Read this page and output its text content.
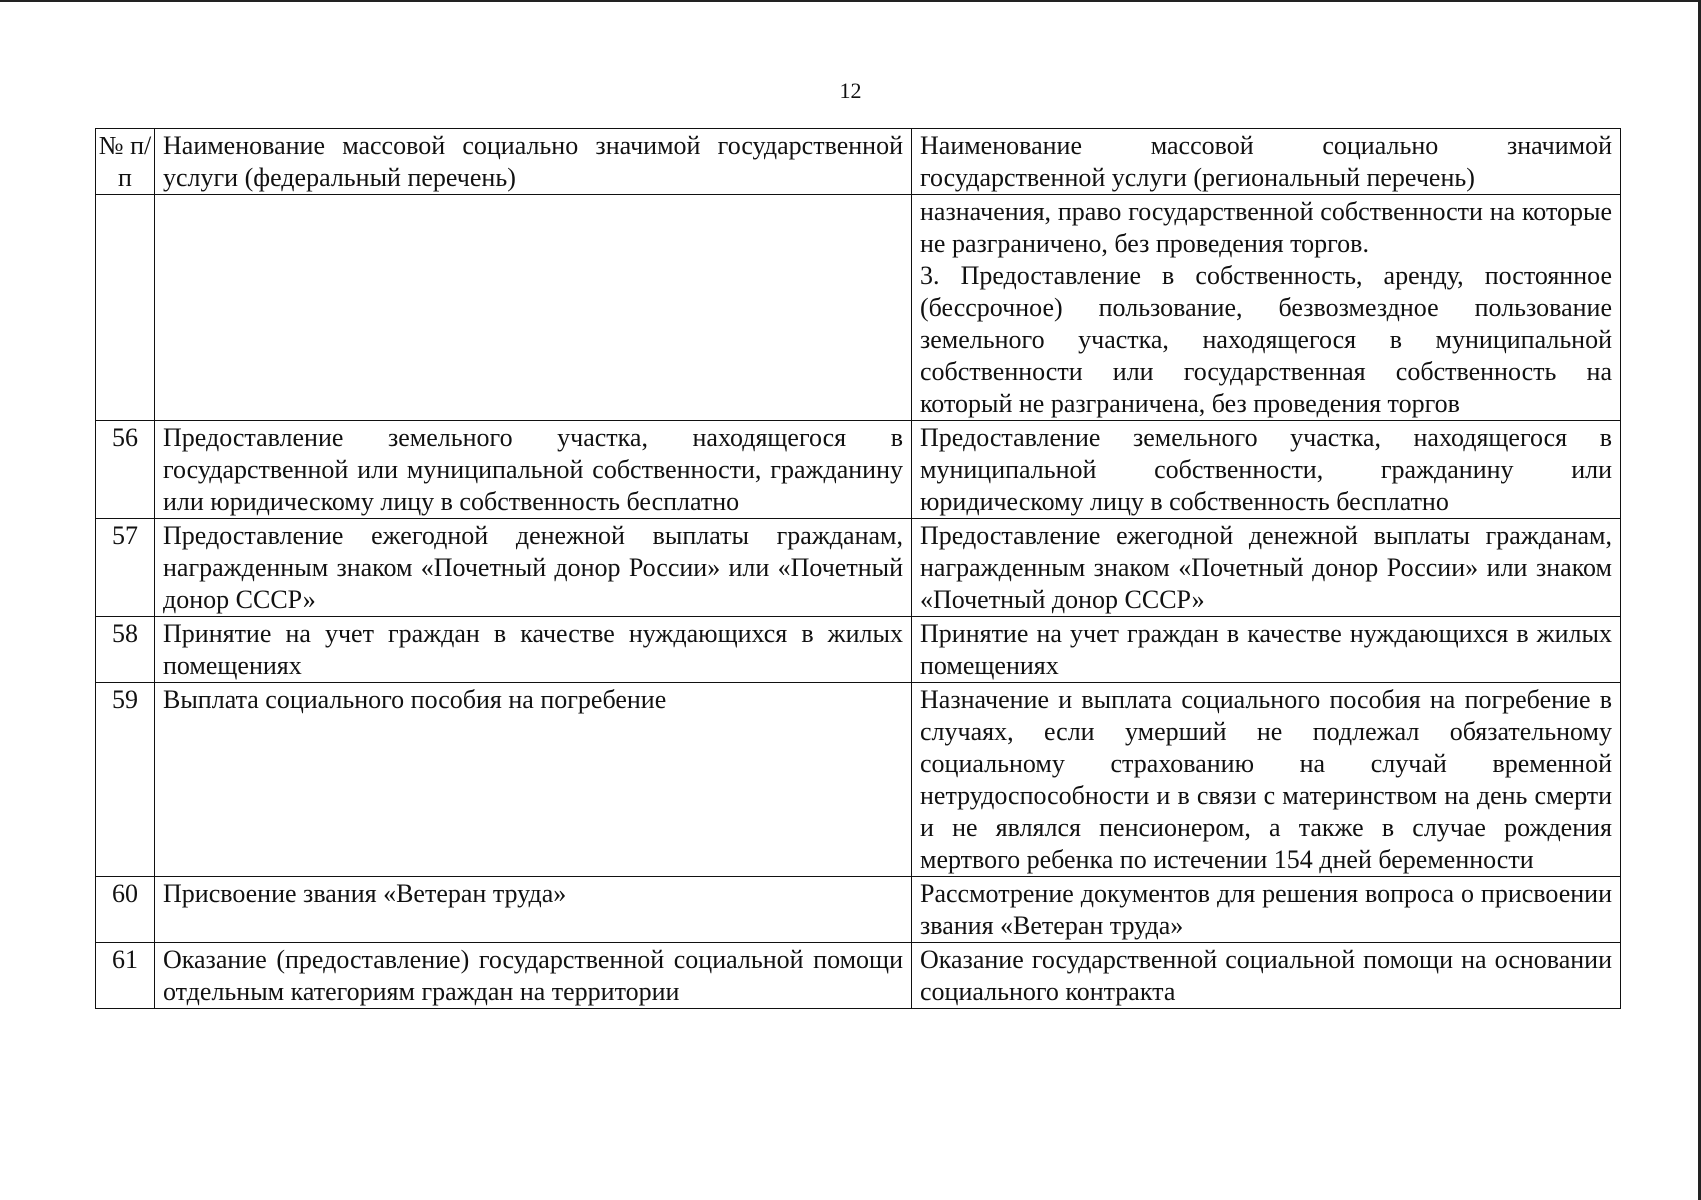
12
№ п/п	Наименование массовой социально значимой государственной услуги (федеральный перечень)	Наименование массовой социально значимой государственной услуги (региональный перечень)

		назначения, право государственной собственности на которые не разграничено, без проведения торгов.
3. Предоставление в собственность, аренду, постоянное (бессрочное) пользование, безвозмездное пользование земельного участка, находящегося в муниципальной собственности или государственная собственность на который не разграничена, без проведения торгов

56	Предоставление земельного участка, находящегося в государственной или муниципальной собственности, гражданину или юридическому лицу в собственность бесплатно	Предоставление земельного участка, находящегося в муниципальной собственности, гражданину или юридическому лицу в собственность бесплатно
57	Предоставление ежегодной денежной выплаты гражданам, награжденным знаком «Почетный донор России» или «Почетный донор СССР»	Предоставление ежегодной денежной выплаты гражданам, награжденным знаком «Почетный донор России» или знаком «Почетный донор СССР»
58	Принятие на учет граждан в качестве нуждающихся в жилых помещениях	Принятие на учет граждан в качестве нуждающихся в жилых помещениях
59	Выплата социального пособия на погребение	Назначение и выплата социального пособия на погребение в случаях, если умерший не подлежал обязательному социальному страхованию на случай временной нетрудоспособности и в связи с материнством на день смерти и не являлся пенсионером, а также в случае рождения мертвого ребенка по истечении 154 дней беременности
60	Присвоение звания «Ветеран труда»	Рассмотрение документов для решения вопроса о присвоении звания «Ветеран труда»
61	Оказание (предоставление) государственной социальной помощи отдельным категориям граждан на территории	Оказание государственной социальной помощи на основании социального контракта
